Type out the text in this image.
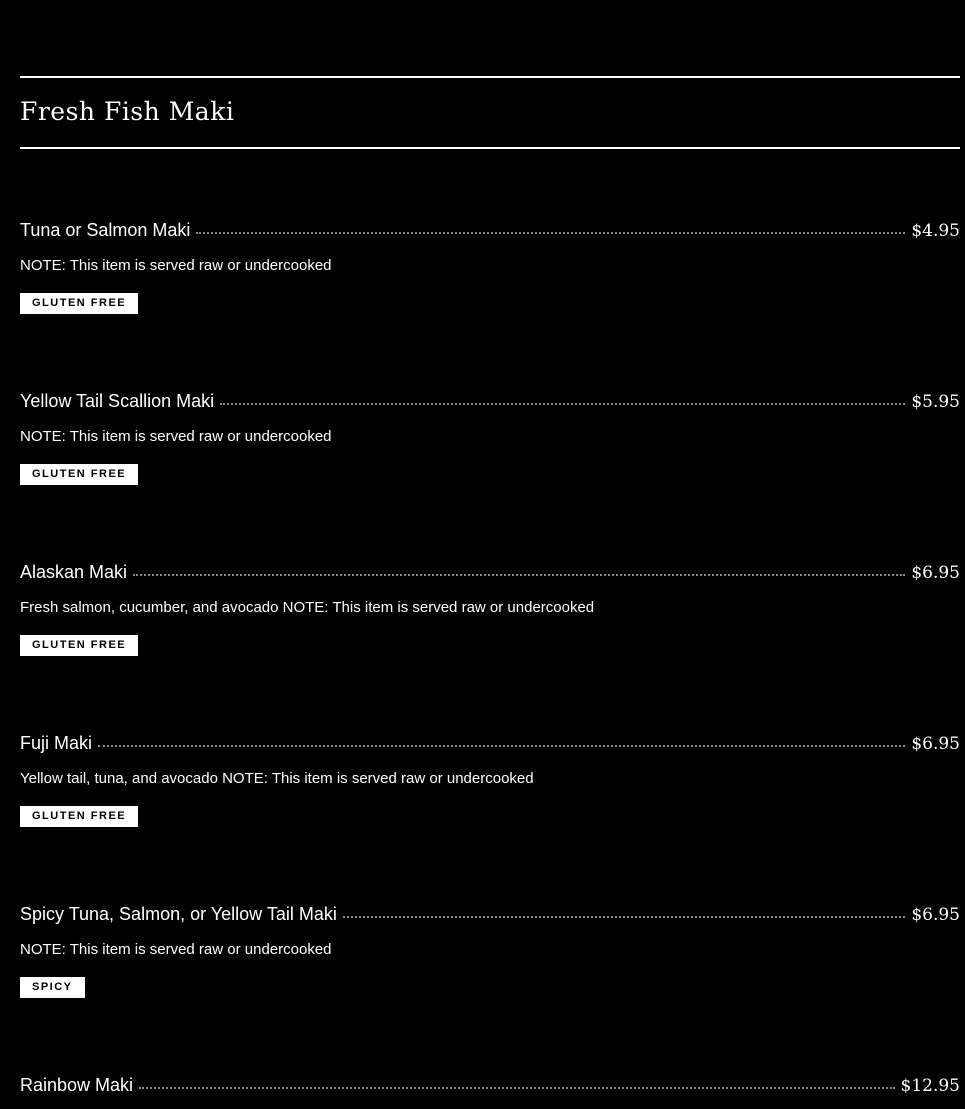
Fresh Fish Maki
Tuna or Salmon Maki	$4.95
NOTE: This item is served raw or undercooked
GLUTEN FREE
Yellow Tail Scallion Maki	$5.95
NOTE: This item is served raw or undercooked
GLUTEN FREE
Alaskan Maki	$6.95
Fresh salmon, cucumber, and avocado NOTE: This item is served raw or undercooked
GLUTEN FREE
Fuji Maki	$6.95
Yellow tail, tuna, and avocado NOTE: This item is served raw or undercooked
GLUTEN FREE
Spicy Tuna, Salmon, or Yellow Tail Maki	$6.95
NOTE: This item is served raw or undercooked
SPICY
Rainbow Maki	$12.95
